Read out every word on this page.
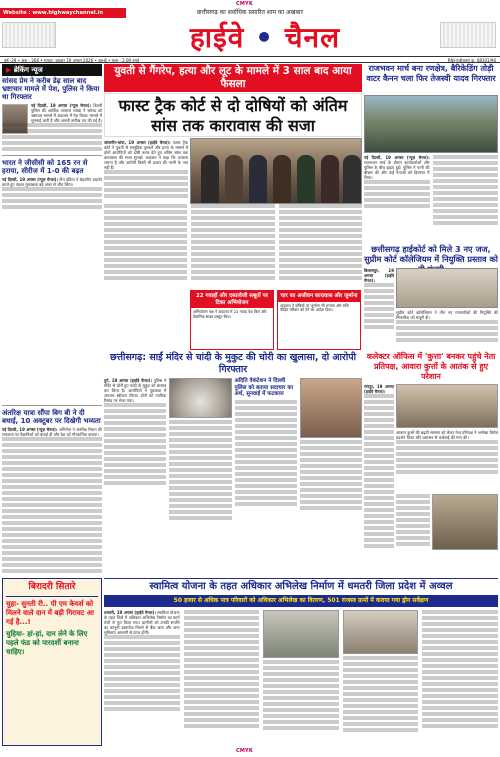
CMYK
Website : www.highwaychannel.in	छत्तीसगढ़ का सर्वाधिक प्रसारित शाम का अखबार
हाईवे • चैनल
वर्ष -29 • अंक - 266 • रायपुर, बुधवार 19 अगस्त 2026 • पृष्ठ-8 • मूल्य - 2.00 रुपये	RNI-पंजीकरण क्र. 68101/96
▶ ब्रेकिंग न्यूज
सांसद प्रेम ने करीब डेढ़ साल बाद भ्रष्टाचार मामले में पेश, पुलिस ने किया था गिरफ्तार
नई दिल्ली, 19 अगस्त (न्यूज़ चैनल)। दिल्ली पुलिस की आर्थिक अपराध शाखा ने सांसद को भ्रष्टाचार मामले में अदालत में पेश किया। मामले में सुनवाई जारी है और अगली तारीख तय की गई है।
भारत ने जीसीसी को 165 रन से हराया, सीरीज में 1-0 की बढ़त
नई दिल्ली, 19 अगस्त (न्यूज़ चैनल)। टीम इंडिया ने बेहतरीन प्रदर्शन करते हुए पहला मुकाबला बड़े अंतर से जीत लिया।
अंतरिक्ष यात्रा सौंपा बिग बी ने दी बधाई, 10 अक्टूबर पर दिखेगी भव्यता
नई दिल्ली, 19 अगस्त (न्यूज़ चैनल)। अभिनेता ने अंतरिक्ष मिशन की सफलता पर वैज्ञानिकों को बधाई दी और देश को गौरवान्वित बताया।
युवती से गैंगरेप, हत्या और लूट के मामले में 3 साल बाद आया फैसला
फास्ट ट्रैक कोर्ट से दो दोषियों को अंतिम सांस तक कारावास की सजा
जांजगीर-चांपा, 19 अगस्त (हाईवे चैनल)। फास्ट ट्रैक कोर्ट ने युवती से सामूहिक दुष्कर्म और हत्या के मामले में दोनों आरोपियों को दोषी करार देते हुए अंतिम सांस तक कारावास की सजा सुनाई। अदालत ने कहा कि अपराध जघन्य है और आरोपी किसी भी प्रकार की नरमी के पात्र नहीं हैं।
22 गवाहों और दस्तावेजी सबूतों पर टिका अभियोजन
अभियोजन पक्ष ने अदालत में 22 गवाह पेश किए और वैज्ञानिक साक्ष्य प्रस्तुत किए।
चार का अजीवन कारावास और जुर्माना
अदालत ने दोषियों पर जुर्माना भी लगाया और राशि पीड़ित परिवार को देने का आदेश दिया।
राजभवन मार्च बना रणक्षेत्र, बैरिकेडिंग तोड़ी वाटर कैनन चला फिर तेजस्वी यादव गिरफ्तार
नई दिल्ली, 19 अगस्त (न्यूज़ चैनल)। राजभवन मार्च के दौरान कार्यकर्ताओं और पुलिस के बीच झड़प हुई। पुलिस ने पानी की बौछार की और कई नेताओं को हिरासत में लिया।
छत्तीसगढ़ हाईकोर्ट को मिले 3 नए जज, सुप्रीम कोर्ट कॉलेजियम में नियुक्ति प्रस्ताव को
बिलासपुर, 19 अगस्त (हाईवे चैनल)।
सुप्रीम कोर्ट कॉलेजियम ने तीन नए न्यायाधीशों की नियुक्ति की सिफारिश को मंजूरी दी।
छत्तीसगढ़: साईं मंदिर से चांदी के मुकुट की चोरी का खुलासा, दो आरोपी गिरफ्तार
दुर्ग, 19 अगस्त (हाईवे चैनल)। पुलिस ने मंदिर से चोरी हुए चांदी के मुकुट को बरामद कर लिया है। आरोपियों ने पूछताछ में अपराध स्वीकार किया। दोनों को न्यायिक रिमांड पर भेजा गया।
अदिति वेकंटेशन ने दिल्ली पुलिस को बताया सदाचार का अर्थ, सुनवाई में फटकारा
कलेक्टर ऑफिस में 'कुत्ता' बनकर पहुंचे नेता प्रतिपक्ष, आवारा कुत्तों के आतंक से हुए परेशान
रायपुर, 19 अगस्त (हाईवे चैनल)।
आवारा कुत्तों की बढ़ती समस्या को लेकर नेता प्रतिपक्ष ने अनोखा विरोध प्रदर्शन किया और प्रशासन से कार्रवाई की मांग की।
बिरादरी सितारे
चुहा- सुनती री.. पी एम केयर्स को मिलने वाले दान में बड़ी गिरावट आ गई है...!
चुहिया- हां-हां, दान लेने के लिए पहले फंड को पारदर्शी बनाना चाहिए।
स्वामित्व योजना के तहत अधिकार अभिलेख निर्माण में धमतरी जिला प्रदेश में अव्वल
50 हजार से अधिक पात्र परिवारों को अधिकार अभिलेख का वितरण, 501 राजस्व ग्रामों में कराया गया ड्रोन सर्वेक्षण
धमतरी, 19 अगस्त (हाईवे चैनल)। स्वामित्व योजना के तहत जिले में अधिकार अभिलेख निर्माण का कार्य तेजी से पूरा किया गया। ग्रामीणों को उनकी संपत्ति का कानूनी दस्तावेज मिलने से बैंक ऋण और अन्य सुविधाएं आसानी से प्राप्त होंगी।
CMYK
